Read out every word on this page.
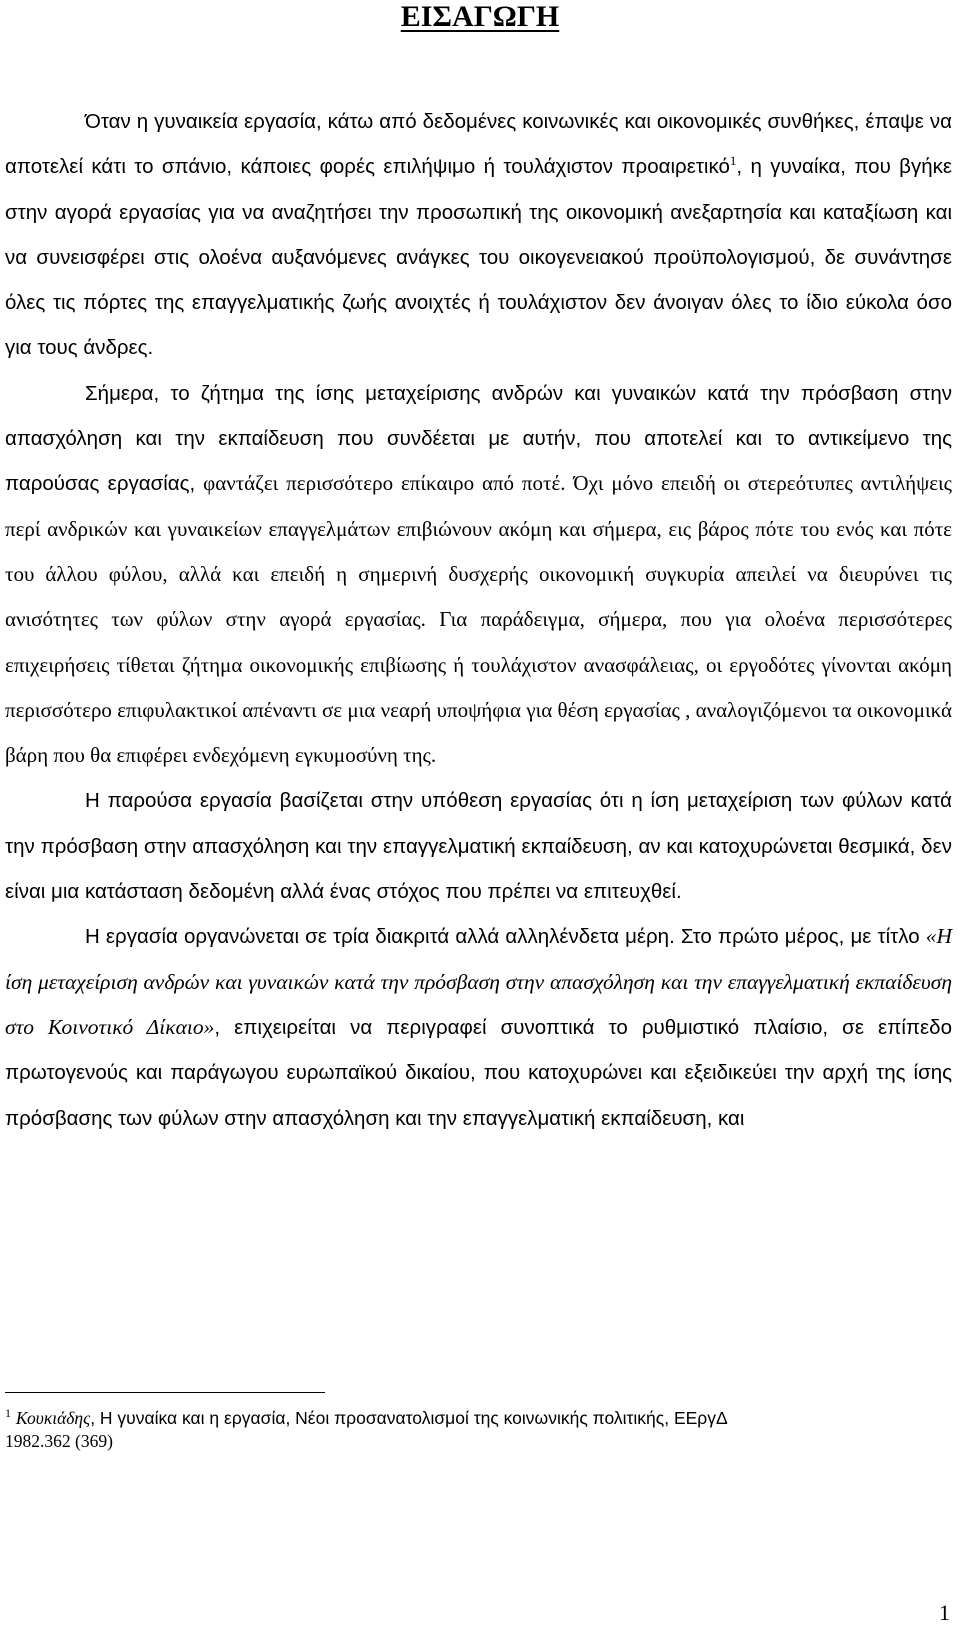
ΕΙΣΑΓΩΓΗ

Όταν η γυναικεία εργασία, κάτω από δεδομένες κοινωνικές και οικονομικές συνθήκες, έπαψε να αποτελεί κάτι το σπάνιο, κάποιες φορές επιλήψιμο ή τουλάχιστον προαιρετικό$^1$, η γυναίκα, που βγήκε στην αγορά εργασίας για να αναζητήσει την προσωπική της οικονομική ανεξαρτησία και καταξίωση και να συνεισφέρει στις ολοένα αυξανόμενες ανάγκες του οικογενειακού προϋπολογισμού, δε συνάντησε όλες τις πόρτες της επαγγελματικής ζωής ανοιχτές ή τουλάχιστον δεν άνοιγαν όλες το ίδιο εύκολα όσο για τους άνδρες.

Σήμερα, το ζήτημα της ίσης μεταχείρισης ανδρών και γυναικών κατά την πρόσβαση στην απασχόληση και την εκπαίδευση που συνδέεται με αυτήν, που αποτελεί και το αντικείμενο της παρούσας εργασίας, φαντάζει περισσότερο επίκαιρο από ποτέ. Όχι μόνο επειδή οι στερεότυπες αντιλήψεις περί ανδρικών και γυναικείων επαγγελμάτων επιβιώνουν ακόμη και σήμερα, εις βάρος πότε του ενός και πότε του άλλου φύλου, αλλά και επειδή η σημερινή δυσχερής οικονομική συγκυρία απειλεί να διευρύνει τις ανισότητες των φύλων στην αγορά εργασίας. Για παράδειγμα, σήμερα, που για ολοένα περισσότερες επιχειρήσεις τίθεται ζήτημα οικονομικής επιβίωσης ή τουλάχιστον ανασφάλειας, οι εργοδότες γίνονται ακόμη περισσότερο επιφυλακτικοί απέναντι σε μια νεαρή υποψήφια για θέση εργασίας , αναλογιζόμενοι τα οικονομικά βάρη που θα επιφέρει ενδεχόμενη εγκυμοσύνη της.

Η παρούσα εργασία βασίζεται στην υπόθεση εργασίας ότι η ίση μεταχείριση των φύλων κατά την πρόσβαση στην απασχόληση και την επαγγελματική εκπαίδευση, αν και κατοχυρώνεται θεσμικά, δεν είναι μια κατάσταση δεδομένη αλλά ένας στόχος που πρέπει να επιτευχθεί.

Η εργασία οργανώνεται σε τρία διακριτά αλλά αλληλένδετα μέρη. Στο πρώτο μέρος, με τίτλο «Η ίση μεταχείριση ανδρών και γυναικών κατά την πρόσβαση στην απασχόληση και την επαγγελματική εκπαίδευση στο Κοινοτικό Δίκαιο», επιχειρείται να περιγραφεί συνοπτικά το ρυθμιστικό πλαίσιο, σε επίπεδο πρωτογενούς και παράγωγου ευρωπαϊκού δικαίου, που κατοχυρώνει και εξειδικεύει την αρχή της ίσης πρόσβασης των φύλων στην απασχόληση και την επαγγελματική εκπαίδευση, και

$^1$ Κουκιάδης, Η γυναίκα και η εργασία, Νέοι προσανατολισμοί της κοινωνικής πολιτικής, ΕΕργΔ
1982.362 (369)
1
